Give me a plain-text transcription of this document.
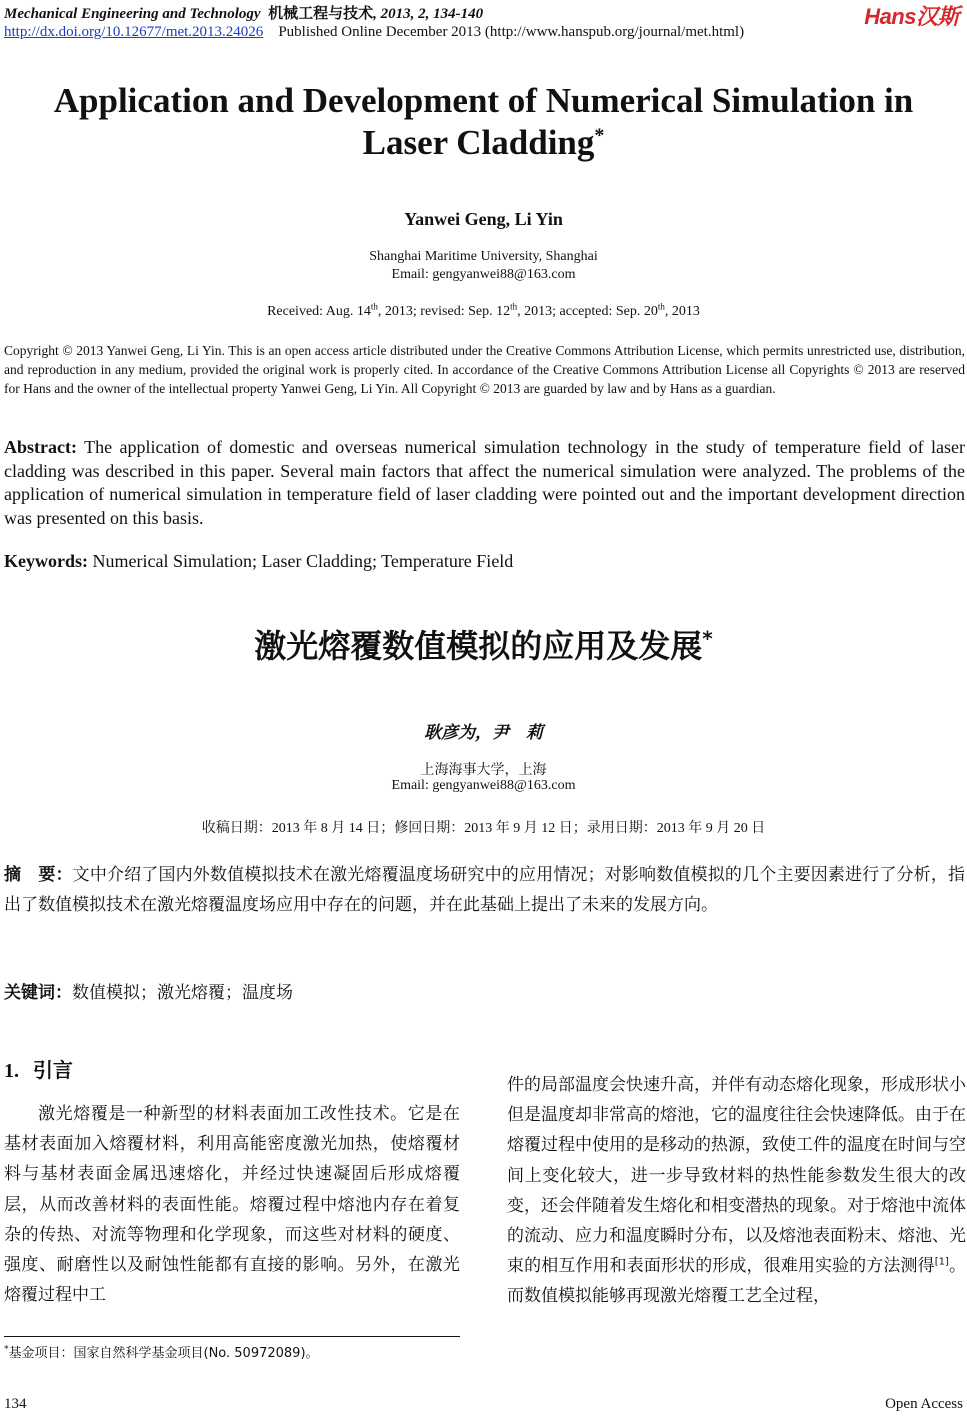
Mechanical Engineering and Technology 机械工程与技术, 2013, 2, 134-140	Hans汉斯
http://dx.doi.org/10.12677/met.2013.24026 Published Online December 2013 (http://www.hanspub.org/journal/met.html)
Application and Development of Numerical Simulation in Laser Cladding*
Yanwei Geng, Li Yin
Shanghai Maritime University, Shanghai
Email: gengyanwei88@163.com
Received: Aug. 14th, 2013; revised: Sep. 12th, 2013; accepted: Sep. 20th, 2013
Copyright © 2013 Yanwei Geng, Li Yin. This is an open access article distributed under the Creative Commons Attribution License, which permits unrestricted use, distribution, and reproduction in any medium, provided the original work is properly cited. In accordance of the Creative Commons Attribution License all Copyrights © 2013 are reserved for Hans and the owner of the intellectual property Yanwei Geng, Li Yin. All Copyright © 2013 are guarded by law and by Hans as a guardian.
Abstract: The application of domestic and overseas numerical simulation technology in the study of temperature field of laser cladding was described in this paper. Several main factors that affect the numerical simulation were analyzed. The problems of the application of numerical simulation in temperature field of laser cladding were pointed out and the important development direction was presented on this basis.
Keywords: Numerical Simulation; Laser Cladding; Temperature Field
激光熔覆数值模拟的应用及发展*
耿彦为，尹　莉
上海海事大学，上海
Email: gengyanwei88@163.com
收稿日期：2013 年 8 月 14 日；修回日期：2013 年 9 月 12 日；录用日期：2013 年 9 月 20 日
摘　要：文中介绍了国内外数值模拟技术在激光熔覆温度场研究中的应用情况；对影响数值模拟的几个主要因素进行了分析，指出了数值模拟技术在激光熔覆温度场应用中存在的问题，并在此基础上提出了未来的发展方向。
关键词：数值模拟；激光熔覆；温度场
1. 引言
激光熔覆是一种新型的材料表面加工改性技术。它是在基材表面加入熔覆材料，利用高能密度激光加热，使熔覆材料与基材表面金属迅速熔化，并经过快速凝固后形成熔覆层，从而改善材料的表面性能。熔覆过程中熔池内存在着复杂的传热、对流等物理和化学现象，而这些对材料的硬度、强度、耐磨性以及耐蚀性能都有直接的影响。另外，在激光熔覆过程中工
件的局部温度会快速升高，并伴有动态熔化现象，形成形状小但是温度却非常高的熔池，它的温度往往会快速降低。由于在熔覆过程中使用的是移动的热源，致使工件的温度在时间与空间上变化较大，进一步导致材料的热性能参数发生很大的改变，还会伴随着发生熔化和相变潜热的现象。对于熔池中流体的流动、应力和温度瞬时分布，以及熔池表面粉末、熔池、光束的相互作用和表面形状的形成，很难用实验的方法测得[1]。而数值模拟能够再现激光熔覆工艺全过程，
*基金项目：国家自然科学基金项目(No. 50972089)。
134	Open Access
